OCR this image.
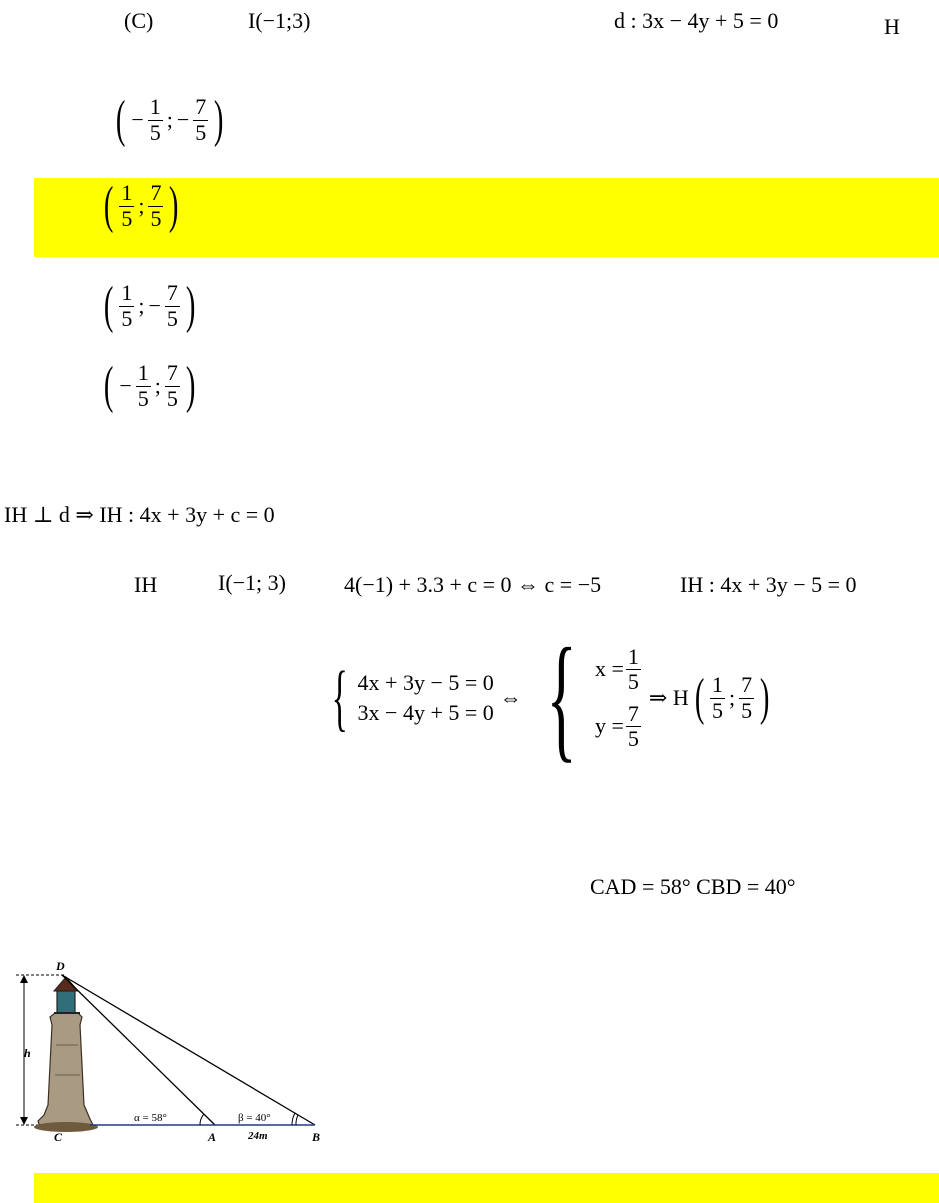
(C)	I(−1;3)	d : 3x − 4y + 5 = 0	H
( − $\frac{1}{5}$ ; − $\frac{7}{5}$ )
( $\frac{1}{5}$ ; $\frac{7}{5}$ )
( $\frac{1}{5}$ ; − $\frac{7}{5}$ )
( − $\frac{1}{5}$ ; $\frac{7}{5}$ )
IH ⊥ d ⇒ IH : 4x + 3y + c = 0
IH	I(−1; 3)	4(−1) + 3.3 + c = 0 ⇔ c = −5	IH : 4x + 3y − 5 = 0
{ 4x + 3y − 5 = 0
3x − 4y + 5 = 0
⇔ { $x = \frac{1}{5}$
$y = \frac{7}{5}$
⇒ H ( $\frac{1}{5}$ ; $\frac{7}{5}$ )
CAD = 58° CBD = 40°
D
C	A	B
h
α = 58°	β = 40°
24m
